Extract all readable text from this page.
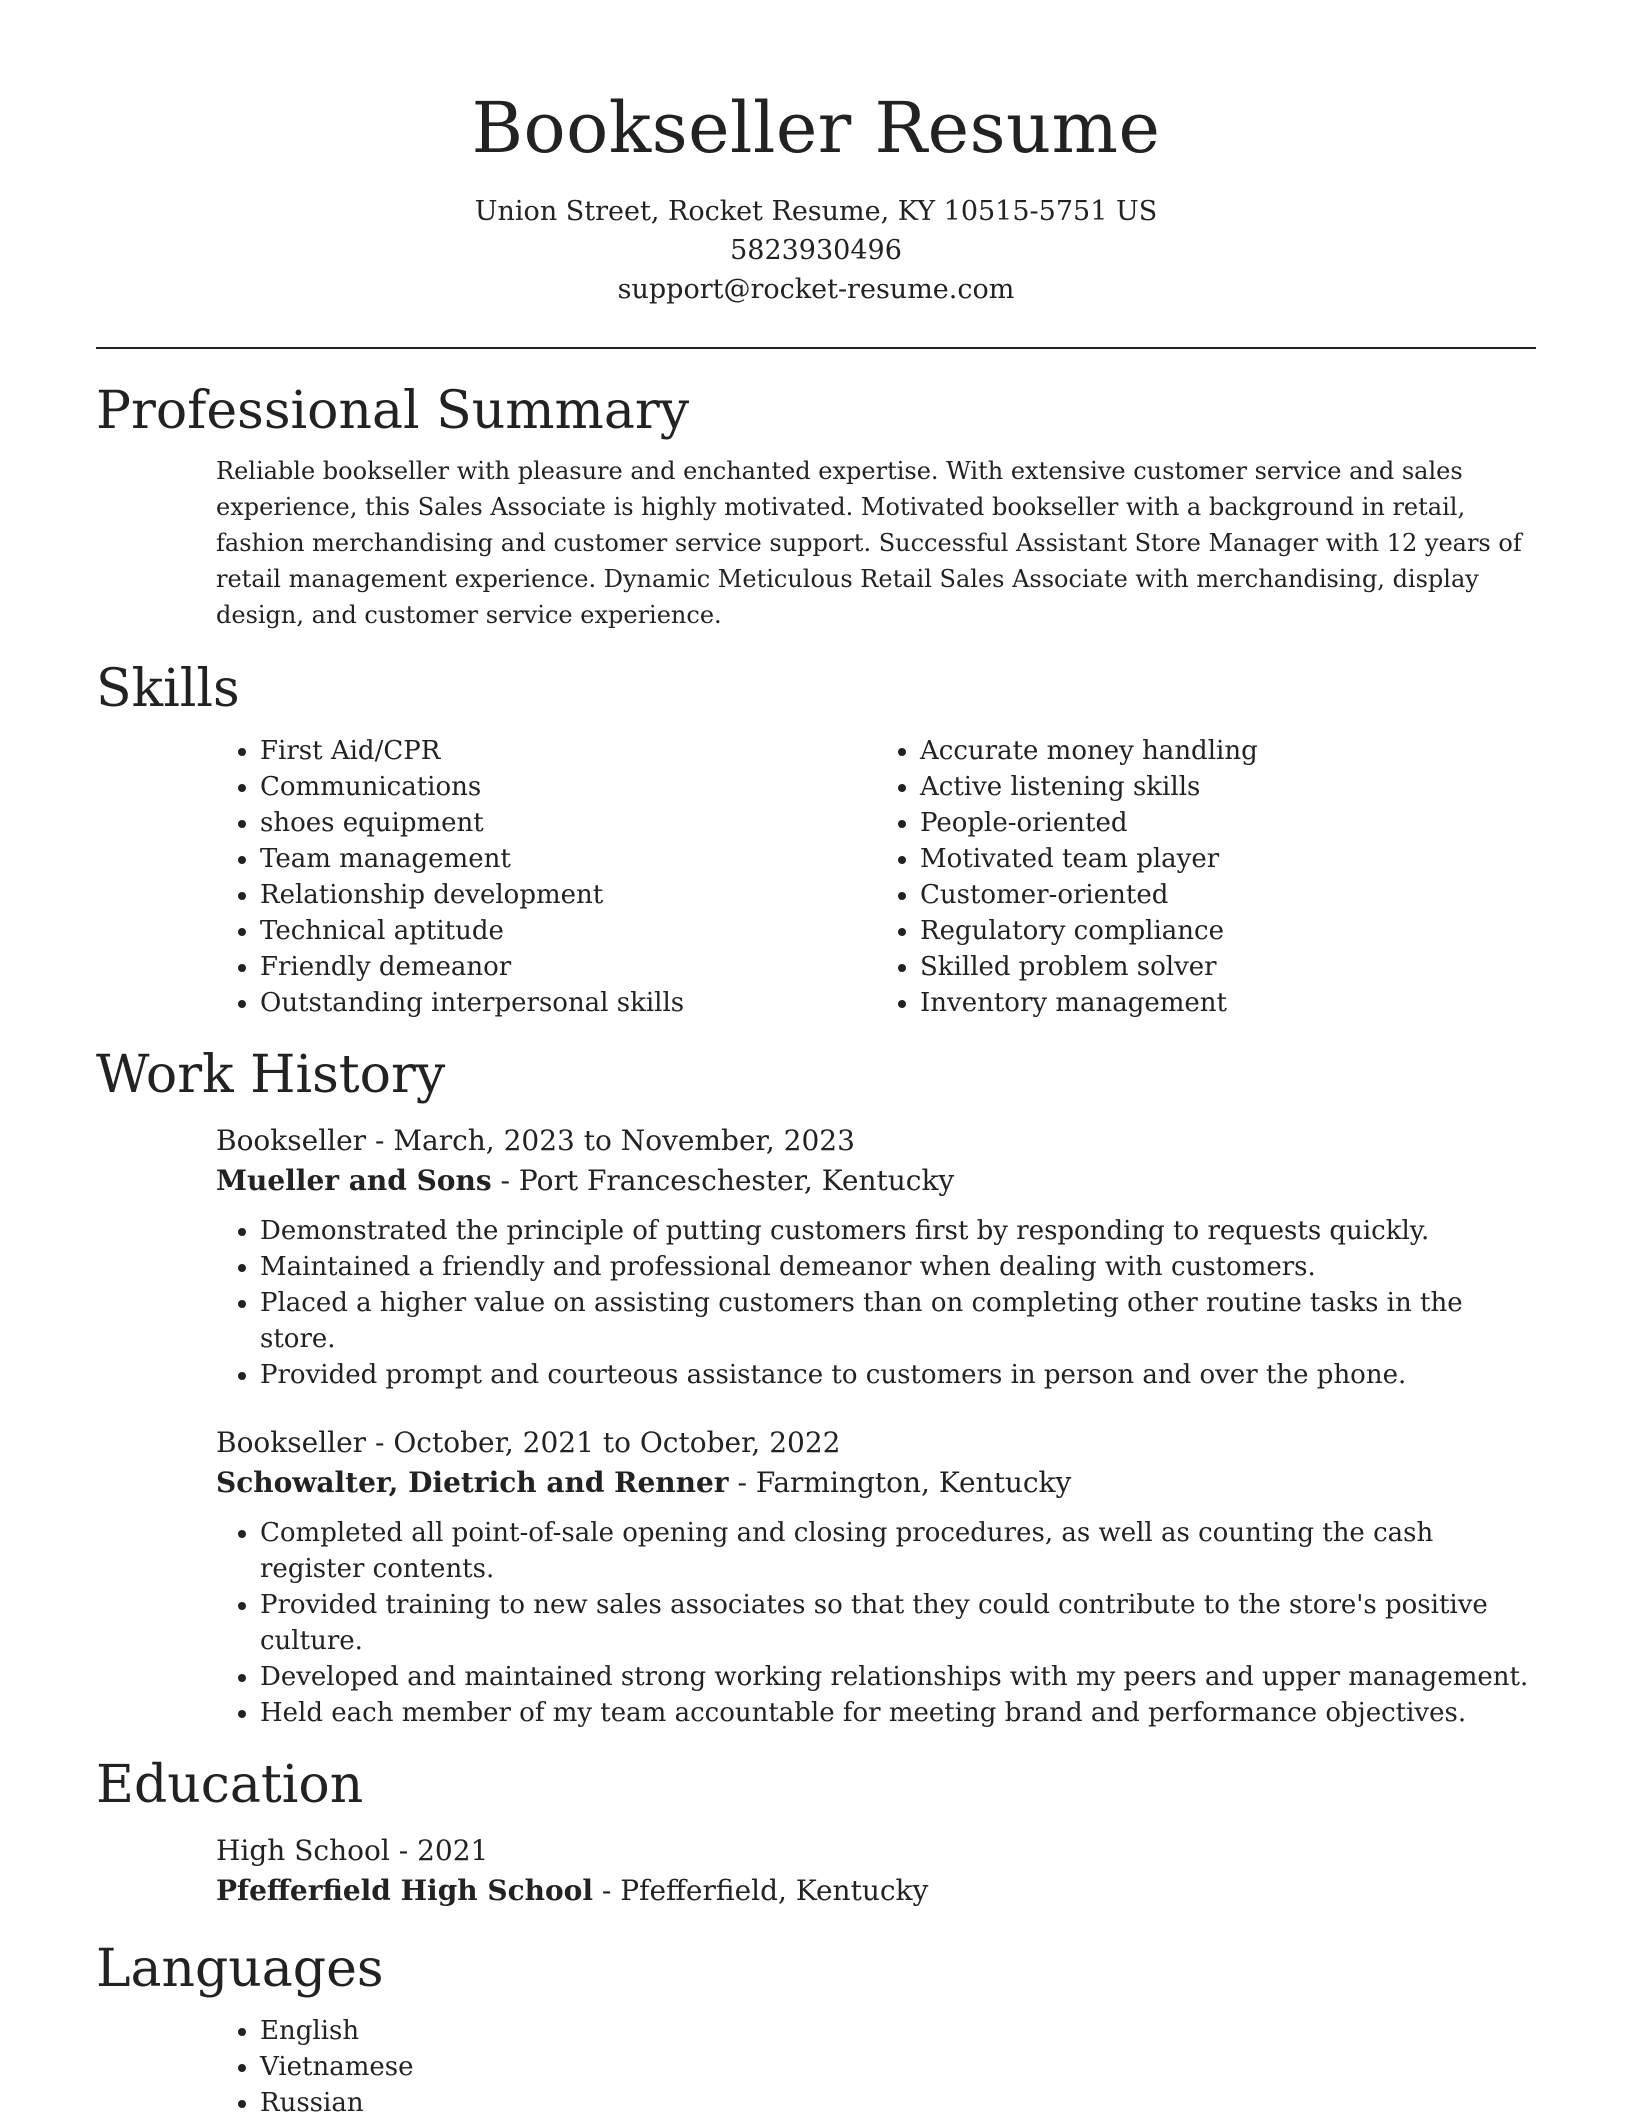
Bookseller Resume
Union Street, Rocket Resume, KY 10515-5751 US
5823930496
support@rocket-resume.com
Professional Summary
Reliable bookseller with pleasure and enchanted expertise. With extensive customer service and sales experience, this Sales Associate is highly motivated. Motivated bookseller with a background in retail, fashion merchandising and customer service support. Successful Assistant Store Manager with 12 years of retail management experience. Dynamic Meticulous Retail Sales Associate with merchandising, display design, and customer service experience.
Skills
• First Aid/CPR
• Communications
• shoes equipment
• Team management
• Relationship development
• Technical aptitude
• Friendly demeanor
• Outstanding interpersonal skills
• Accurate money handling
• Active listening skills
• People-oriented
• Motivated team player
• Customer-oriented
• Regulatory compliance
• Skilled problem solver
• Inventory management
Work History
Bookseller - March, 2023 to November, 2023
Mueller and Sons - Port Franceschester, Kentucky
• Demonstrated the principle of putting customers first by responding to requests quickly.
• Maintained a friendly and professional demeanor when dealing with customers.
• Placed a higher value on assisting customers than on completing other routine tasks in the store.
• Provided prompt and courteous assistance to customers in person and over the phone.
Bookseller - October, 2021 to October, 2022
Schowalter, Dietrich and Renner - Farmington, Kentucky
• Completed all point-of-sale opening and closing procedures, as well as counting the cash register contents.
• Provided training to new sales associates so that they could contribute to the store's positive culture.
• Developed and maintained strong working relationships with my peers and upper management.
• Held each member of my team accountable for meeting brand and performance objectives.
Education
High School - 2021
Pfefferfield High School - Pfefferfield, Kentucky
Languages
• English
• Vietnamese
• Russian
